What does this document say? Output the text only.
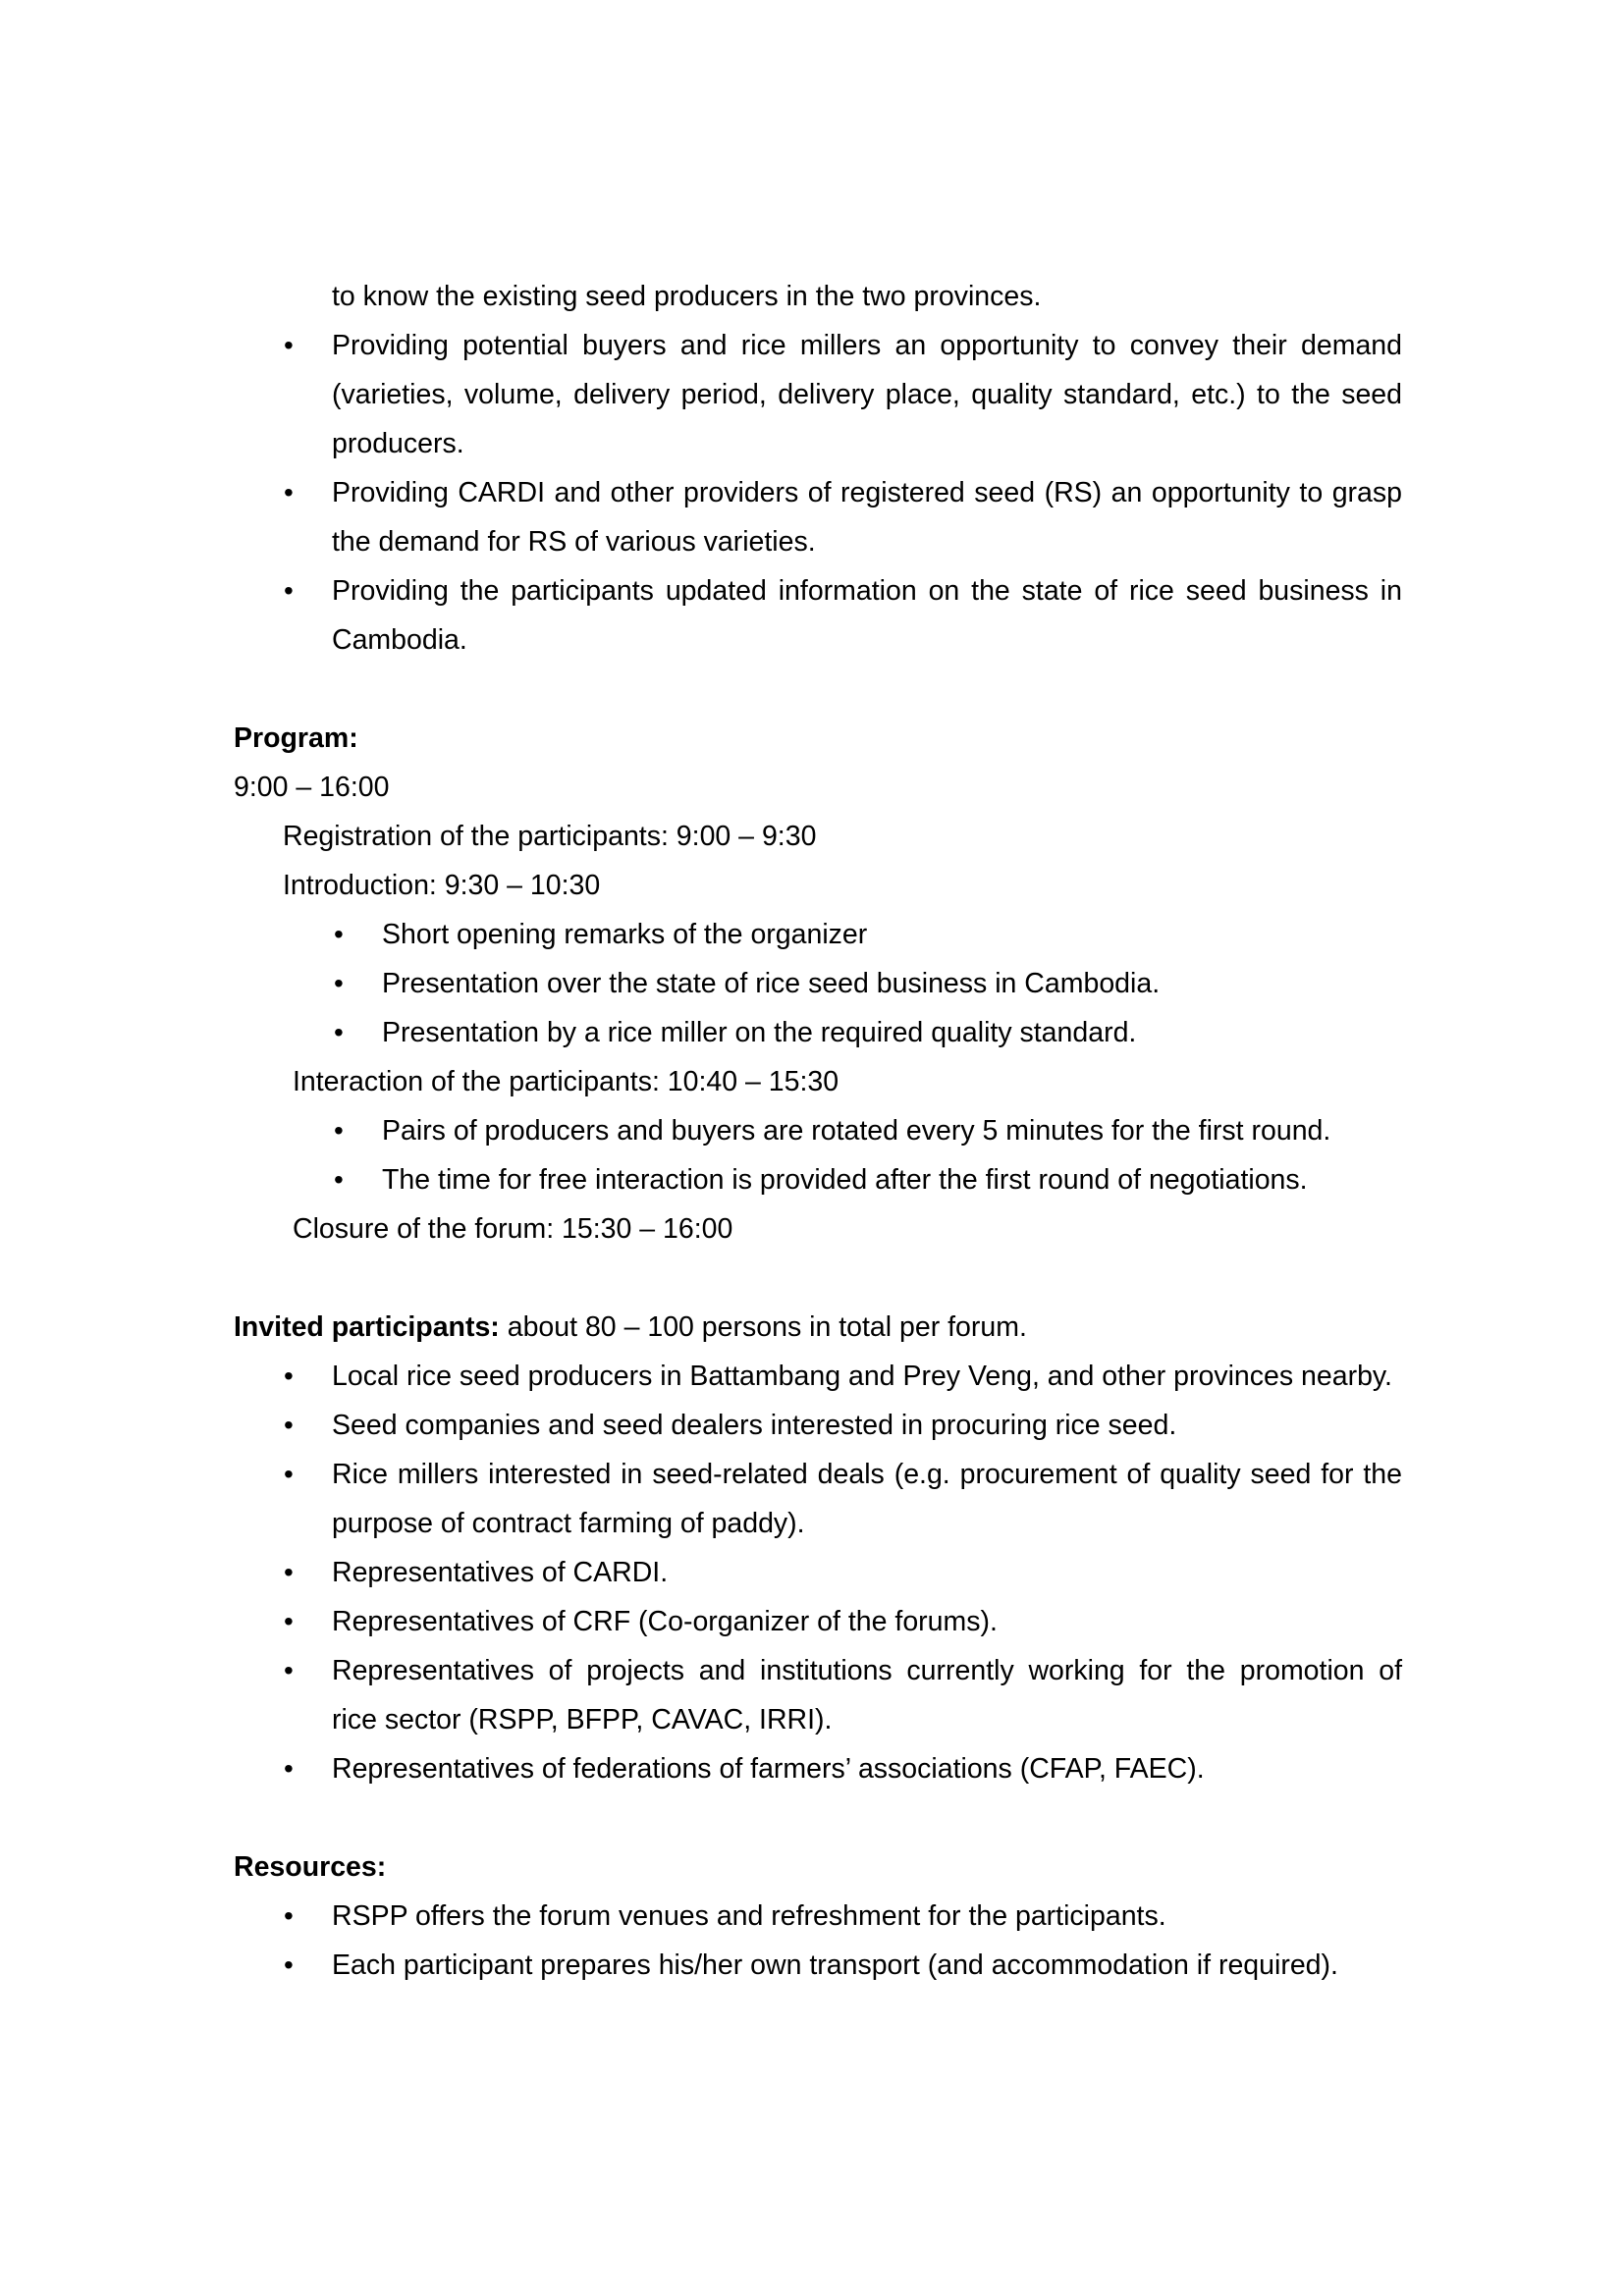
to know the existing seed producers in the two provinces.
• Providing potential buyers and rice millers an opportunity to convey their demand
(varieties, volume, delivery period, delivery place, quality standard, etc.) to the seed
producers.
• Providing CARDI and other providers of registered seed (RS) an opportunity to grasp
the demand for RS of various varieties.
• Providing the participants updated information on the state of rice seed business in
Cambodia.
Program:
9:00 – 16:00
Registration of the participants: 9:00 – 9:30
Introduction: 9:30 – 10:30
• Short opening remarks of the organizer
• Presentation over the state of rice seed business in Cambodia.
• Presentation by a rice miller on the required quality standard.
Interaction of the participants: 10:40 – 15:30
• Pairs of producers and buyers are rotated every 5 minutes for the first round.
• The time for free interaction is provided after the first round of negotiations.
Closure of the forum: 15:30 – 16:00
Invited participants: about 80 – 100 persons in total per forum.
• Local rice seed producers in Battambang and Prey Veng, and other provinces nearby.
• Seed companies and seed dealers interested in procuring rice seed.
• Rice millers interested in seed-related deals (e.g. procurement of quality seed for the
purpose of contract farming of paddy).
• Representatives of CARDI.
• Representatives of CRF (Co-organizer of the forums).
• Representatives of projects and institutions currently working for the promotion of
rice sector (RSPP, BFPP, CAVAC, IRRI).
• Representatives of federations of farmers’ associations (CFAP, FAEC).
Resources:
• RSPP offers the forum venues and refreshment for the participants.
• Each participant prepares his/her own transport (and accommodation if required).
